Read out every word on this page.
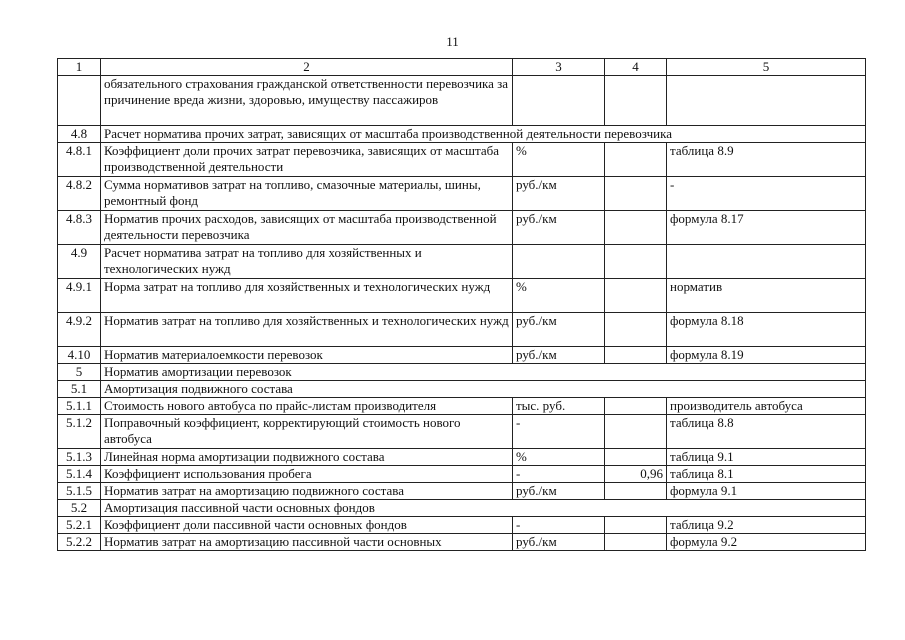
11
1	2	3	4	5
	обязательного страхования гражданской ответственности перевозчика за причинение вреда жизни, здоровью, имуществу пассажиров			
4.8	Расчет норматива прочих затрат, зависящих от масштаба производственной деятельности перевозчика			
4.8.1	Коэффициент доли прочих затрат перевозчика, зависящих от масштаба производственной деятельности	%		таблица 8.9
4.8.2	Сумма нормативов затрат на топливо, смазочные материалы, шины, ремонтный фонд	руб./км		-
4.8.3	Норматив прочих расходов, зависящих от масштаба производственной деятельности перевозчика	руб./км		формула 8.17
4.9	Расчет норматива затрат на топливо для хозяйственных и технологических нужд			
4.9.1	Норма затрат на топливо для хозяйственных и технологических нужд	%		норматив
4.9.2	Норматив затрат на топливо для хозяйственных и технологических нужд	руб./км		формула 8.18
4.10	Норматив материалоемкости перевозок	руб./км		формула 8.19
5	Норматив амортизации перевозок			
5.1	Амортизация подвижного состава			
5.1.1	Стоимость нового автобуса по прайс-листам производителя	тыс. руб.		производитель автобуса
5.1.2	Поправочный коэффициент, корректирующий стоимость нового автобуса	-		таблица 8.8
5.1.3	Линейная норма амортизации подвижного состава	%		таблица 9.1
5.1.4	Коэффициент использования пробега	-	0,96	таблица 8.1
5.1.5	Норматив затрат на амортизацию подвижного состава	руб./км		формула 9.1
5.2	Амортизация пассивной части основных фондов			
5.2.1	Коэффициент доли пассивной части основных фондов	-		таблица 9.2
5.2.2	Норматив затрат на амортизацию пассивной части основных	руб./км		формула 9.2
